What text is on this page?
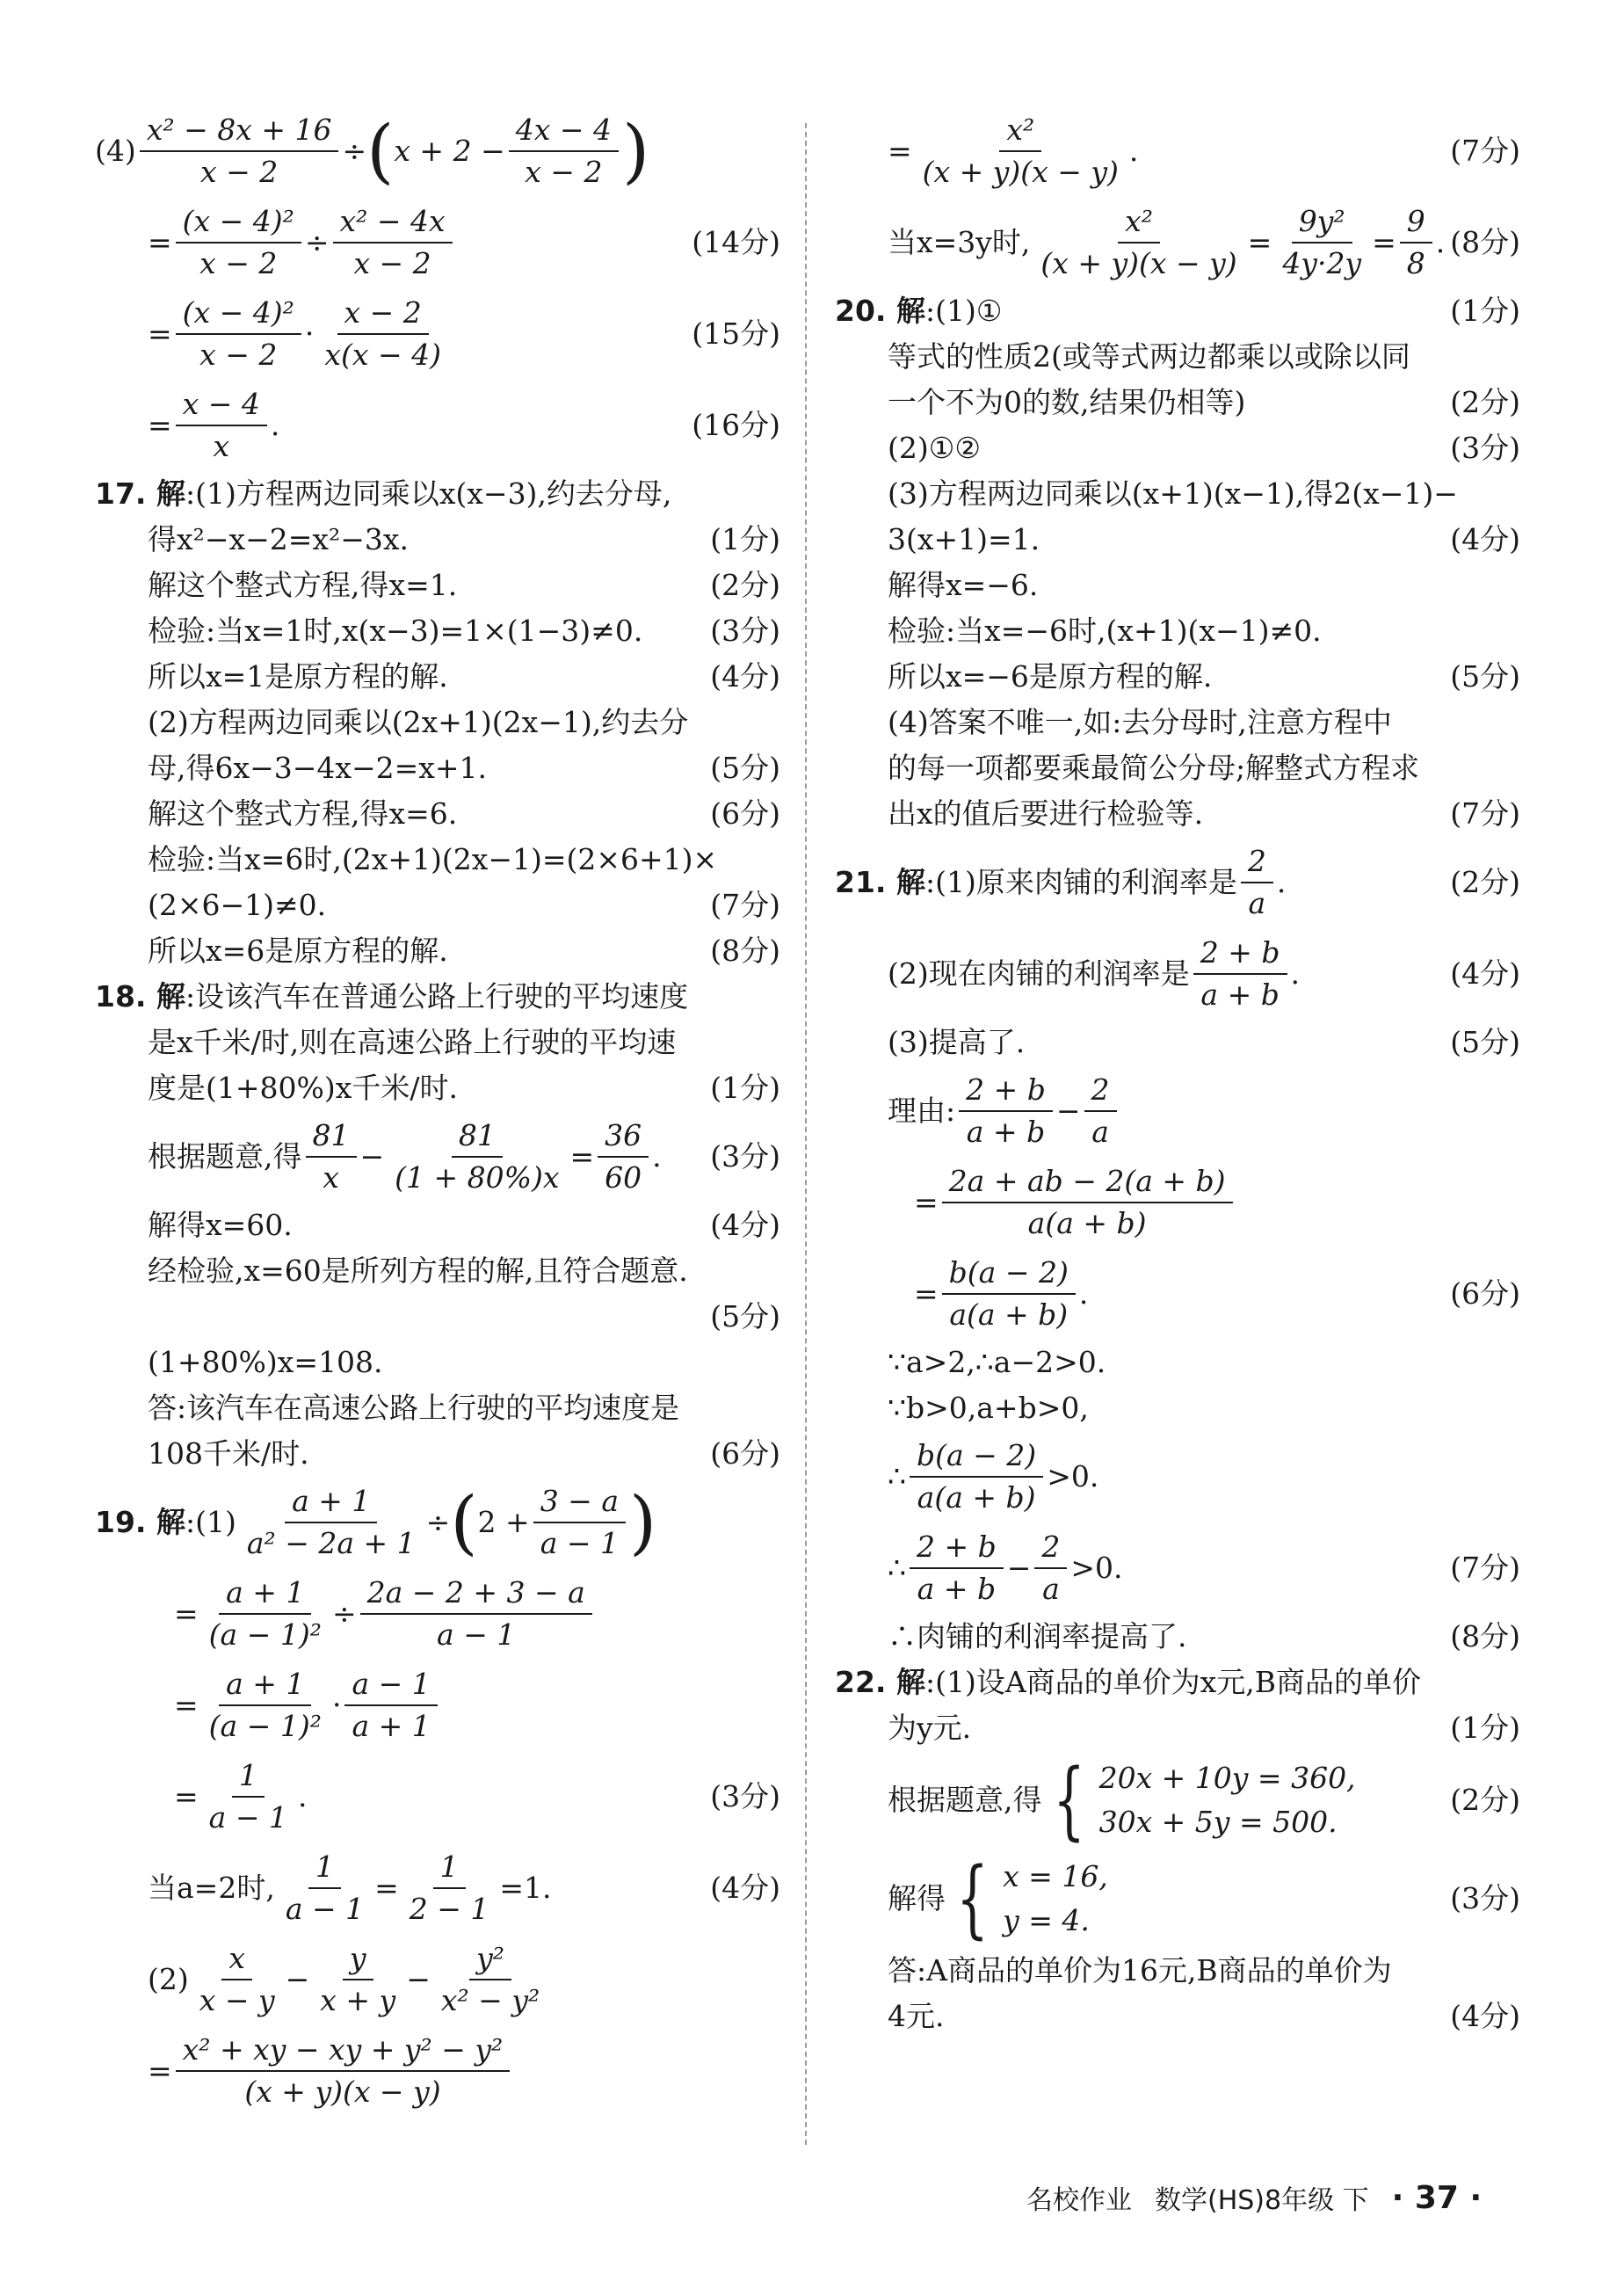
$(4) \frac{\text{x² − 8x + 16}}{x - 2}$ ÷ ( $x + 2 - \frac{4x - 4}{x - 2}$ )
= $\frac{\text{(x − 4)²}}{x - 2} \div \frac{\text{x² − 4x}}{x - 2}$	(14分)
= $\frac{\text{(x − 4)²}}{x - 2} \cdot \frac{x - 2}{x(x - 4)}$	(15分)
= $\frac{x - 4}{x}$ .	(16分)
17. 解 :(1)方程两边同乘以x(x−3),约去分母,
得x²−x−2=x²−3x.	(1分)
解这个整式方程,得x=1.	(2分)
检验:当x=1时,x(x−3)=1×(1−3)≠0. (3分)
所以x=1是原方程的解.	(4分)
(2)方程两边同乘以(2x+1)(2x−1),约去分
母,得6x−3−4x−2=x+1.	(5分)
解这个整式方程,得x=6.	(6分)
检验:当x=6时,(2x+1)(2x−1)=(2×6+1)×
(2×6−1)≠0.	(7分)
所以x=6是原方程的解.	(8分)
18. 解 :设该汽车在普通公路上行驶的平均速度
是x千米/时,则在高速公路上行驶的平均速
度是(1+80%)x千米/时.	(1分)
根据题意,得 $\frac{81}{x} - \frac{81}{(1 + 80\%)x} = \frac{36}{60}$ . (3分)
解得x=60.	(4分)
经检验,x=60是所列方程的解,且符合题意.
(5分)
(1+80%)x=108.
答:该汽车在高速公路上行驶的平均速度是
108千米/时.	(6分)
19. 解 :(1) $\frac{a + 1}{\text{a² − 2a + 1}}$ ÷ ( $2 + \frac{3 - a}{a - 1}$ )
= $\frac{a + 1}{\text{(a − 1)²}} \div \frac{2a - 2 + 3 - a}{a - 1}$
= $\frac{a + 1}{\text{(a − 1)²}} \cdot \frac{a - 1}{a + 1}$
= $\frac{1}{a - 1}$ .	(3分)
当a=2时, $\frac{1}{a - 1} = \frac{1}{2 - 1} =1$.	(4分)
$(2) \frac{x}{x - y} - \frac{y}{x + y} - \frac{\text{y²}}{\text{x² − y²}}$
= $\frac{\text{x² + xy − xy + y² − y²}}{(x + y)(x - y)}$
= $\frac{\text{x²}}{(x + y)(x - y)}$ .	(7分)
当x=3y时, $\frac{\text{x²}}{(x + y)(x - y)} = \frac{\text{9y²}}{4y\cdot 2y} = \frac{9}{8}$ . (8分)
20. 解 :(1)①	(1分)
等式的性质2(或等式两边都乘以或除以同
一个不为0的数,结果仍相等)	(2分)
(2)①②	(3分)
(3)方程两边同乘以(x+1)(x−1),得2(x−1)−
3(x+1)=1.	(4分)
解得x=−6.
检验:当x=−6时,(x+1)(x−1)≠0.
所以x=−6是原方程的解.	(5分)
(4)答案不唯一,如:去分母时,注意方程中
的每一项都要乘最简公分母;解整式方程求
出x的值后要进行检验等.	(7分)
21. 解 :(1)原来肉铺的利润率是 $\frac{2}{a}$ .	(2分)
(2)现在肉铺的利润率是 $\frac{2 + b}{a + b}$ .	(4分)
(3)提高了.	(5分)
理由: $\frac{2 + b}{a + b} - \frac{2}{a}$
= $\frac{2a + ab - 2(a + b)}{a(a + b)}$
= $\frac{b(a - 2)}{a(a + b)}$ .	(6分)
∵a>2,∴a−2>0.
∵b>0,a+b>0,
∴ $\frac{b(a - 2)}{a(a + b)} >0$.
∴ $\frac{2 + b}{a + b} - \frac{2}{a} >0$.	(7分)
∴肉铺的利润率提高了.	(8分)
22. 解 :(1)设A商品的单价为x元,B商品的单价
为y元.	(1分)
根据题意,得 { 20x + 10y = 360,
30x + 5y = 500.
(2分)
解得 { x = 16,
y = 4.
(3分)
答:A商品的单价为16元,B商品的单价为
4元.	(4分)
名校作业 数学(HS)8年级 下 · 37 ·
